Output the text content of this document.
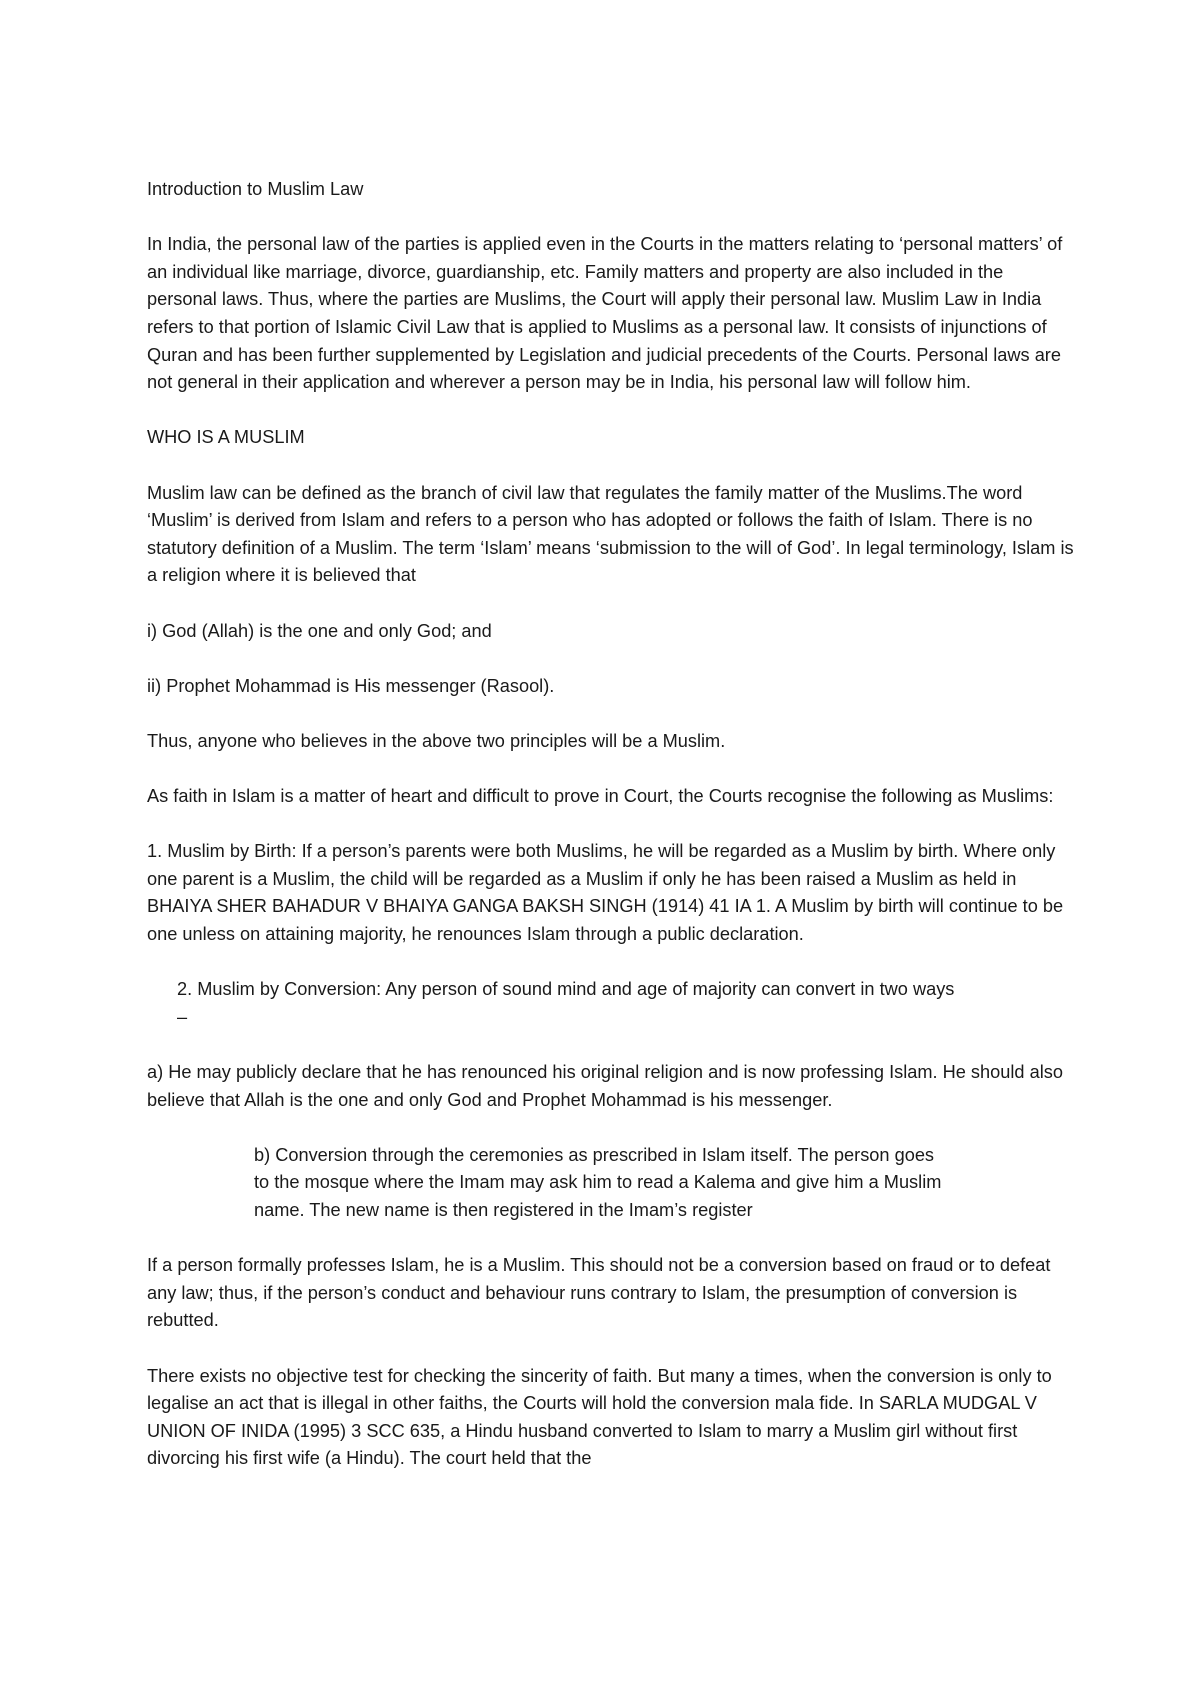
Introduction to Muslim Law

In India, the personal law of the parties is applied even in the Courts in the matters relating to ‘personal matters’ of an individual like marriage, divorce, guardianship, etc. Family matters and property are also included in the personal laws. Thus, where the parties are Muslims, the Court will apply their personal law. Muslim Law in India refers to that portion of Islamic Civil Law that is applied to Muslims as a personal law. It consists of injunctions of Quran and has been further supplemented by Legislation and judicial precedents of the Courts. Personal laws are not general in their application and wherever a person may be in India, his personal law will follow him.

WHO IS A MUSLIM

Muslim law can be defined as the branch of civil law that regulates the family matter of the Muslims.The word ‘Muslim’ is derived from Islam and refers to a person who has adopted or follows the faith of Islam. There is no statutory definition of a Muslim. The term ‘Islam’ means ‘submission to the will of God’. In legal terminology, Islam is a religion where it is believed that

i) God (Allah) is the one and only God; and

ii) Prophet Mohammad is His messenger (Rasool).

Thus, anyone who believes in the above two principles will be a Muslim.

As faith in Islam is a matter of heart and difficult to prove in Court, the Courts recognise the following as Muslims:

1. Muslim by Birth: If a person’s parents were both Muslims, he will be regarded as a Muslim by birth. Where only one parent is a Muslim, the child will be regarded as a Muslim if only he has been raised a Muslim as held in BHAIYA SHER BAHADUR V BHAIYA GANGA BAKSH SINGH (1914) 41 IA 1. A Muslim by birth will continue to be one unless on attaining majority, he renounces Islam through a public declaration.

2. Muslim by Conversion: Any person of sound mind and age of majority can convert in two ways
–

a) He may publicly declare that he has renounced his original religion and is now professing Islam. He should also believe that Allah is the one and only God and Prophet Mohammad is his messenger.

b) Conversion through the ceremonies as prescribed in Islam itself. The person goes to the mosque where the Imam may ask him to read a Kalema and give him a Muslim name. The new name is then registered in the Imam’s register

If a person formally professes Islam, he is a Muslim. This should not be a conversion based on fraud or to defeat any law; thus, if the person’s conduct and behaviour runs contrary to Islam, the presumption of conversion is rebutted.

There exists no objective test for checking the sincerity of faith. But many a times, when the conversion is only to legalise an act that is illegal in other faiths, the Courts will hold the conversion mala fide. In SARLA MUDGAL V UNION OF INIDA (1995) 3 SCC 635, a Hindu husband converted to Islam to marry a Muslim girl without first divorcing his first wife (a Hindu). The court held that the
